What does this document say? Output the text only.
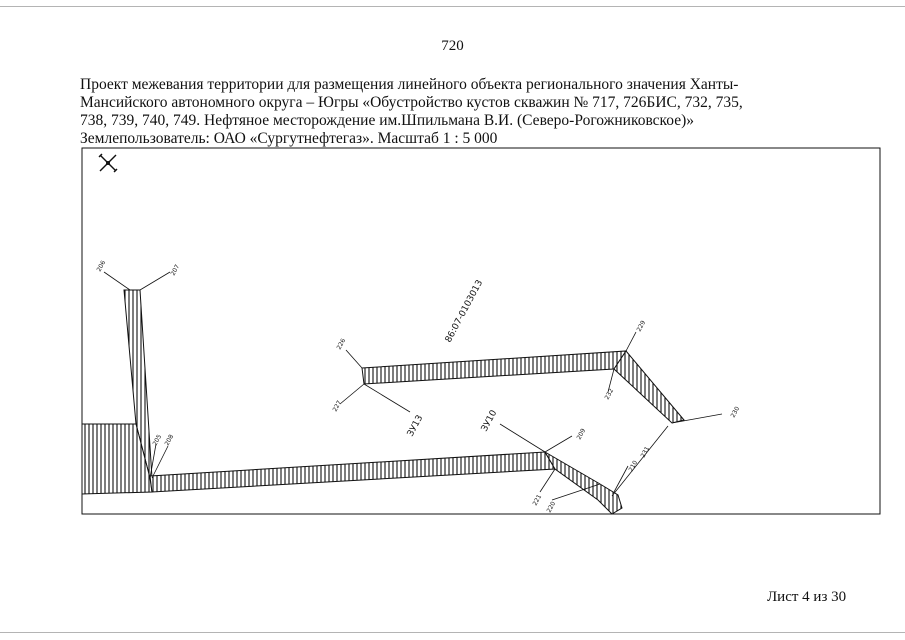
720
Проект межевания территории для размещения линейного объекта регионального значения Ханты-
Мансийского автономного округа – Югры «Обустройство кустов скважин № 717, 726БИС, 732, 735,
738, 739, 740, 749. Нефтяное месторождение им.Шпильмана В.И. (Северо-Рогожниковское)»
Землепользователь: ОАО «Сургутнефтегаз». Масштаб 1 : 5 000
86:07-0103013
ЗУ10
ЗУ13
206	207
205 208
226
227
229
232
230
209
221
220
210
231
Лист 4 из 30
